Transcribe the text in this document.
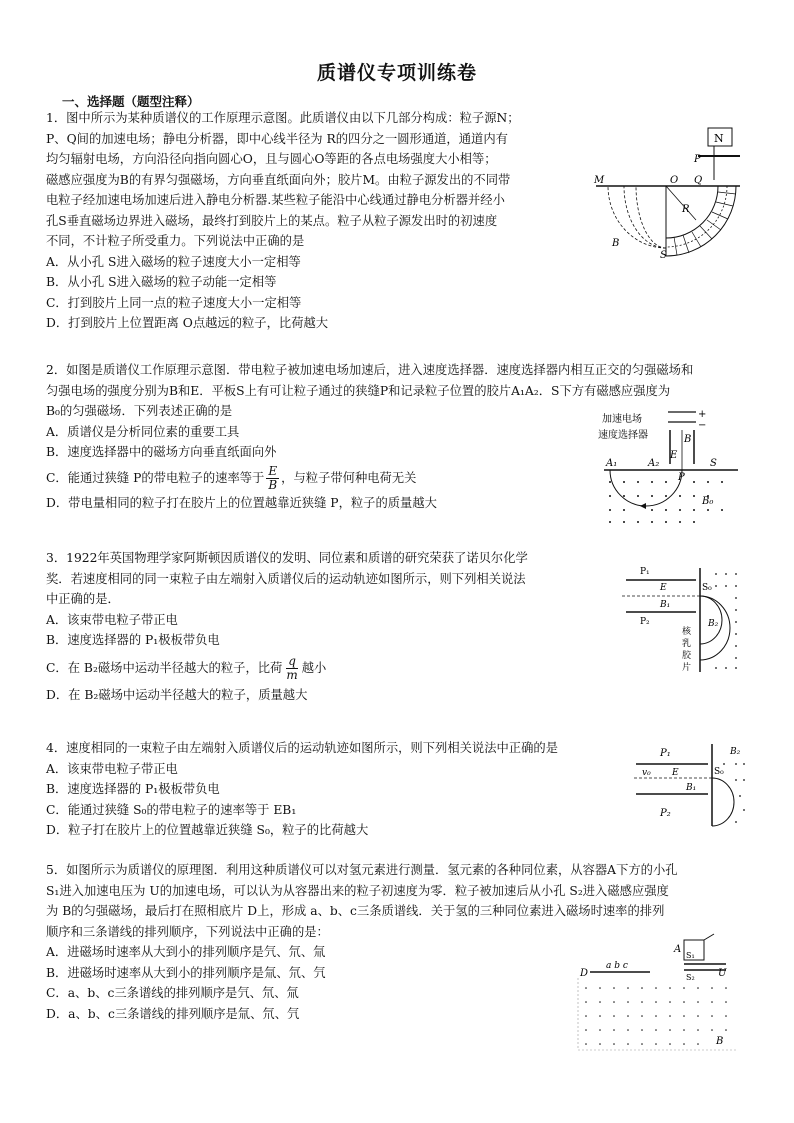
质谱仪专项训练卷
一、选择题（题型注释）
1．图中所示为某种质谱仪的工作原理示意图。此质谱仪由以下几部分构成：粒子源N；
P、Q间的加速电场；静电分析器，即中心线半径为 R的四分之一圆形通道，通道内有
均匀辐射电场，方向沿径向指向圆心O，且与圆心O等距的各点电场强度大小相等；
磁感应强度为B的有界匀强磁场，方向垂直纸面向外；胶片M。由粒子源发出的不同带
电粒子经加速电场加速后进入静电分析器.某些粒子能沿中心线通过静电分析器并经小
孔S垂直磁场边界进入磁场，最终打到胶片上的某点。粒子从粒子源发出时的初速度
不同，不计粒子所受重力。下列说法中正确的是
A．从小孔 S进入磁场的粒子速度大小一定相等
B．从小孔 S进入磁场的粒子动能一定相等
C．打到胶片上同一点的粒子速度大小一定相等
D．打到胶片上位置距离 O点越远的粒子，比荷越大
N
P
M	O Q
R
B
S
2．如图是质谱仪工作原理示意图．带电粒子被加速电场加速后，进入速度选择器．速度选择器内相互正交的匀强磁场和
匀强电场的强度分别为B和E．平板S上有可让粒子通过的狭缝P和记录粒子位置的胶片A₁A₂．S下方有磁感应强度为
B₀的匀强磁场．下列表述正确的是
A．质谱仪是分析同位素的重要工具
B．速度选择器中的磁场方向垂直纸面向外
C．能通过狭缝 P的带电粒子的速率等于 $\frac{E}{B}$ ，与粒子带何种电荷无关
D．带电量相同的粒子打在胶片上的位置越靠近狭缝 P，粒子的质量越大
加速电场
速度选择器
+
−
B
E
A₁	A₂
P
S
B₀
3．1922年英国物理学家阿斯顿因质谱仪的发明、同位素和质谱的研究荣获了诺贝尔化学
奖．若速度相同的同一束粒子由左端射入质谱仪后的运动轨迹如图所示，则下列相关说法
中正确的是．
A．该束带电粒子带正电
B．速度选择器的 P₁极板带负电
C．在 B₂磁场中运动半径越大的粒子，比荷 $\frac{q}{m}$ 越小
D．在 B₂磁场中运动半径越大的粒子，质量越大
P₁
P₂
E
B₁
S₀
B₂
核
乳
胶
片
4．速度相同的一束粒子由左端射入质谱仪后的运动轨迹如图所示，则下列相关说法中正确的是
A．该束带电粒子带正电
B．速度选择器的 P₁极板带负电
C．能通过狭缝 S₀的带电粒子的速率等于 EB₁
D．粒子打在胶片上的位置越靠近狭缝 S₀，粒子的比荷越大
P₁
P₂
v₀ E
B₁
S₀
B₂
5．如图所示为质谱仪的原理图．利用这种质谱仪可以对氢元素进行测量．氢元素的各种同位素，从容器A下方的小孔
S₁进入加速电压为 U的加速电场，可以认为从容器出来的粒子初速度为零．粒子被加速后从小孔 S₂进入磁感应强度
为 B的匀强磁场，最后打在照相底片 D上，形成 a、b、c三条质谱线．关于氢的三种同位素进入磁场时速率的排列
顺序和三条谱线的排列顺序，下列说法中正确的是：
A．进磁场时速率从大到小的排列顺序是氕、氘、氚
B．进磁场时速率从大到小的排列顺序是氚、氘、氕
C．a、b、c三条谱线的排列顺序是氕、氘、氚
D．a、b、c三条谱线的排列顺序是氚、氘、氕
A
S₁
U
D
a b c
S₂
B
